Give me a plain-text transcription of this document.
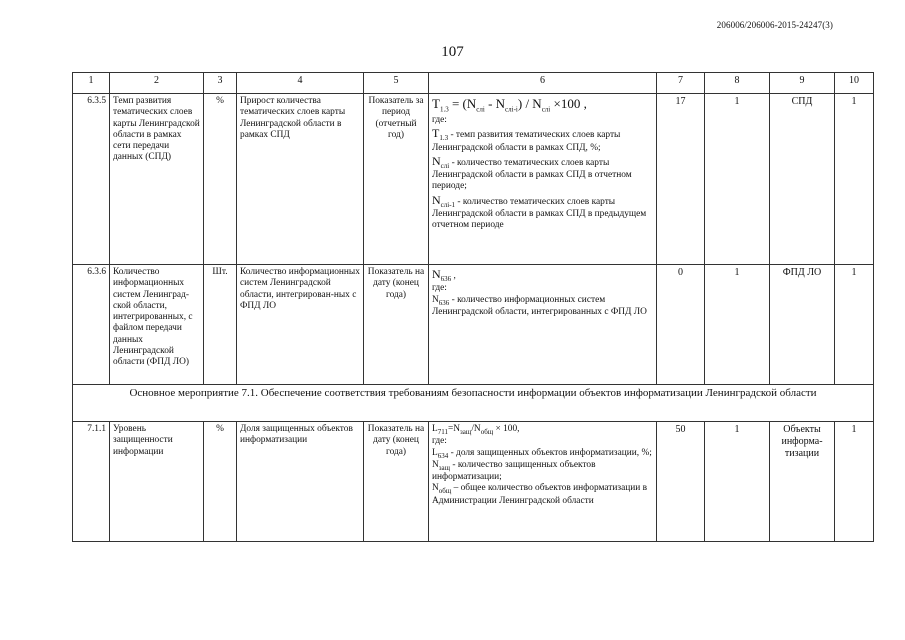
206006/206006-2015-24247(3)
107
1	2	3	4	5	6	7	8	9	10
6.3.5	Темп развития тематических слоев карты Ленинградской области в рамках сети передачи данных (СПД)	%	Прирост количества тематических слоев карты Ленинградской области в рамках СПД	Показатель за период (отчетный год)	$T_{1.3} = (N_{слi} - N_{слi-i}) / N_{слi} \times 100$ ,
где:
$T_{1.3}$ - темп развития тематических слоев карты Ленинградской области в рамках СПД, %;
$N_{слi}$ - количество тематических слоев карты Ленинградской области в рамках СПД в отчетном периоде;
$N_{слi-1}$ - количество тематических слоев карты Ленинградской области в рамках СПД в предыдущем отчетном периоде	17	1	СПД	1
6.3.6	Количество информационных систем Ленинград-ской области, интегрированных, с файлом передачи данных Ленинградской области (ФПД ЛО)	Шт.	Количество информационных систем Ленинградской области, интегрирован-ных с ФПД ЛО	Показатель на дату (конец года)	$N_{636}$ ,
где:
$N_{636}$ - количество информационных систем Ленинградской области, интегрированных с ФПД ЛО	0	1	ФПД ЛО	1
Основное мероприятие 7.1. Обеспечение соответствия требованиям безопасности информации объектов информатизации Ленинградской области									
7.1.1	Уровень защищенности информации	%	Доля защищенных объектов информатизации	Показатель на дату (конец года)	$L_{711}=N_{защ}/N_{общ} \times 100$,
где:
$L_{634}$ - доля защищенных объектов информатизации, %;
$N_{защ}$ - количество защищенных объектов информатизации;
$N_{общ}$ – общее количество объектов информатизации в Администрации Ленинградской области	50	1	Объекты информа-тизации	1
